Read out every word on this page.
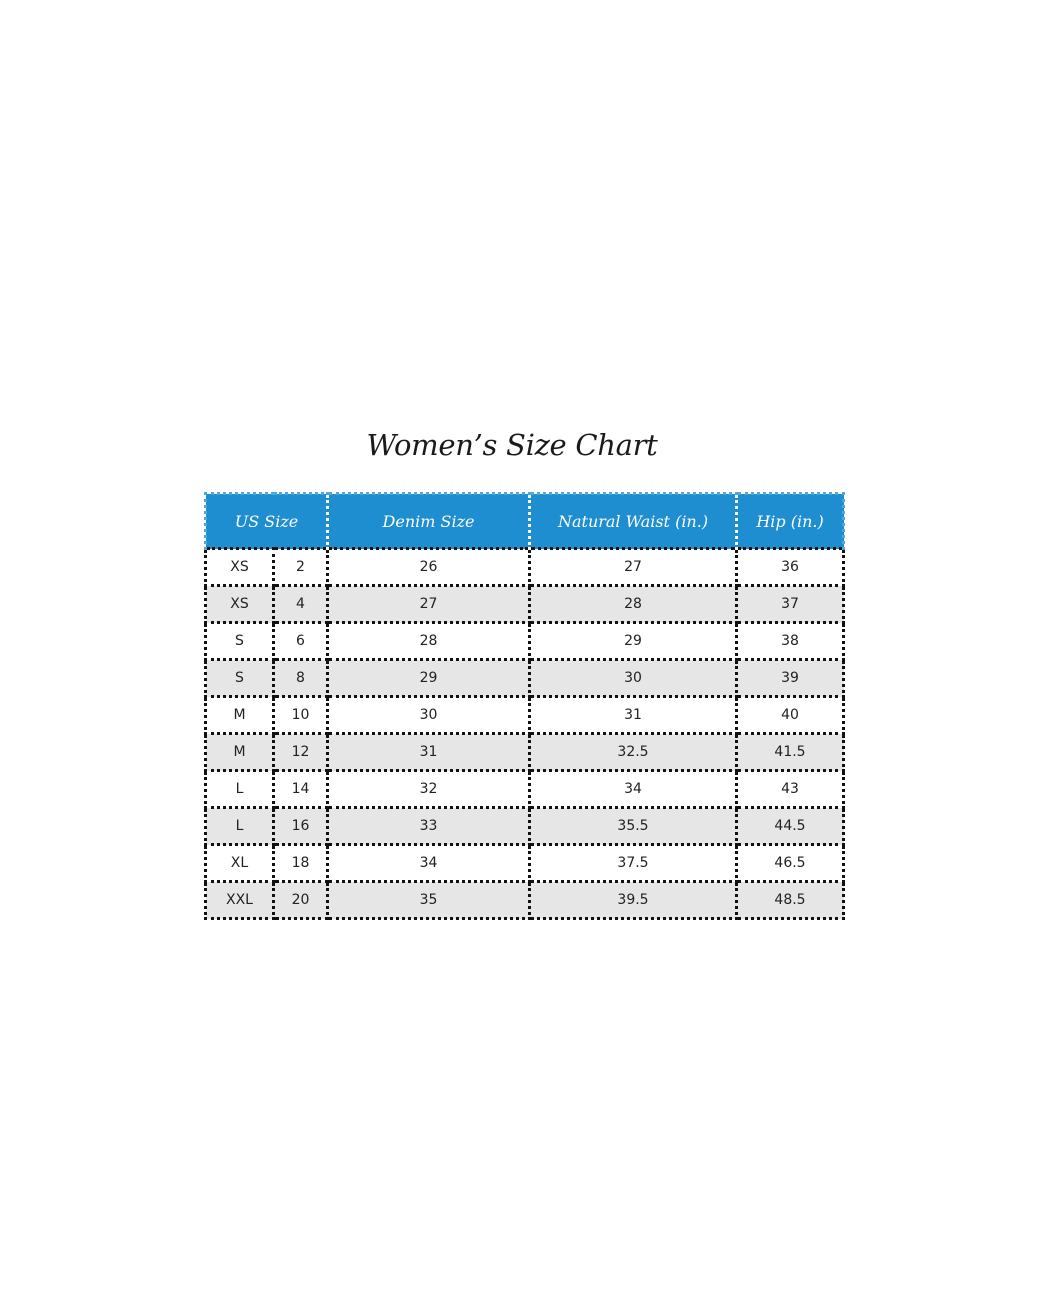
Women’s Size Chart
US Size		Denim Size	Natural Waist (in.)	Hip (in.)
XS	2	26	27	36
XS	4	27	28	37
S	6	28	29	38
S	8	29	30	39
M	10	30	31	40
M	12	31	32.5	41.5
L	14	32	34	43
L	16	33	35.5	44.5
XL	18	34	37.5	46.5
XXL	20	35	39.5	48.5
